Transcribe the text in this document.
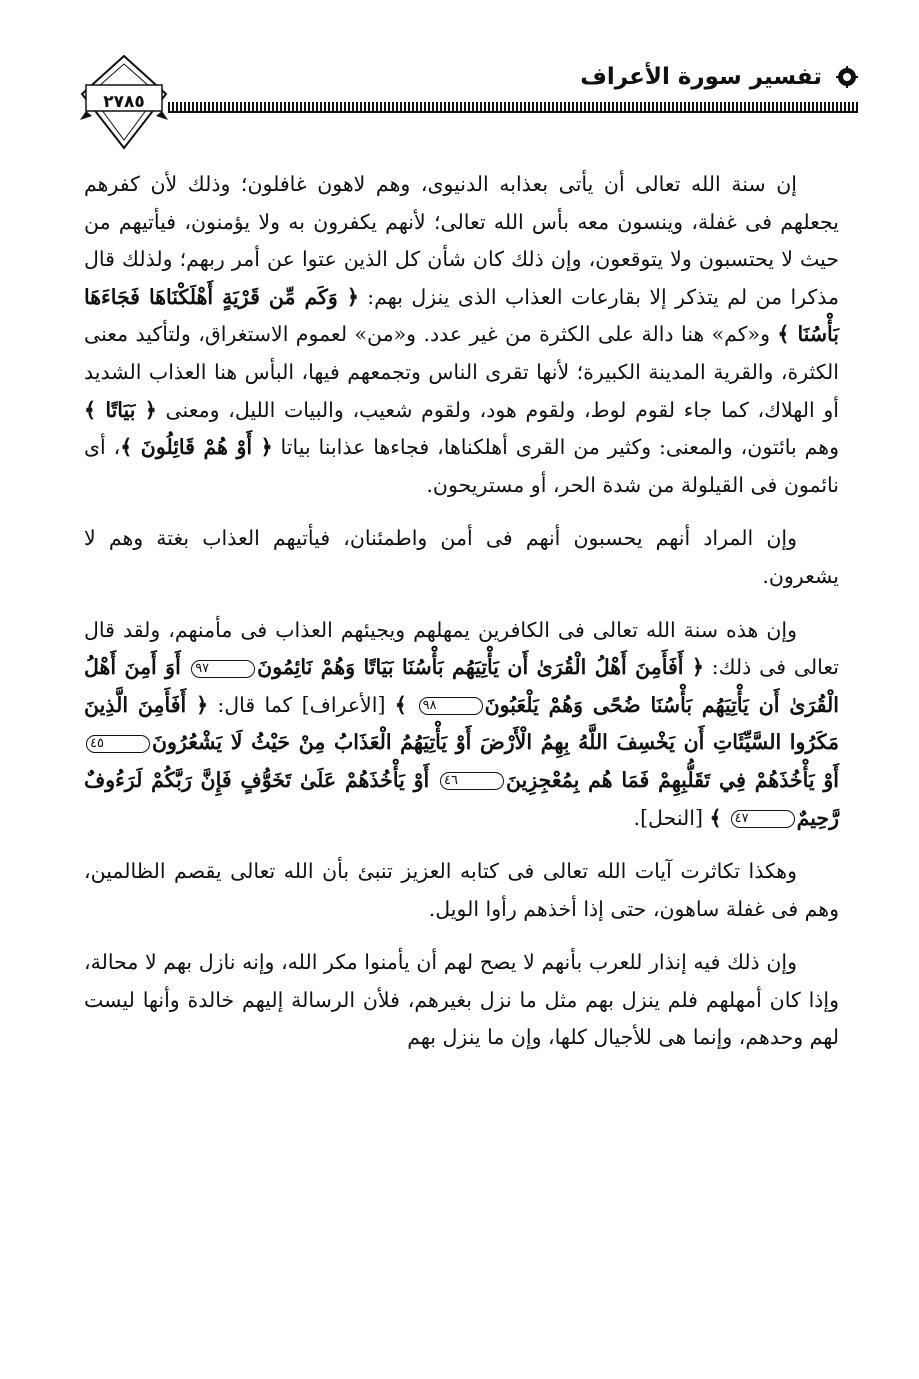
٢٧٨٥
تفسير سورة الأعراف

إن سنة الله تعالى أن يأتى بعذابه الدنيوى، وهم لاهون غافلون؛ وذلك لأن كفرهم يجعلهم فى غفلة، وينسون معه بأس الله تعالى؛ لأنهم يكفرون به ولا يؤمنون، فيأتيهم من حيث لا يحتسبون ولا يتوقعون، وإن ذلك كان شأن كل الذين عتوا عن أمر ربهم؛ ولذلك قال مذكرا من لم يتذكر إلا بقارعات العذاب الذى ينزل بهم: ﴿ وَكَم مِّن قَرْيَةٍ أَهْلَكْنَاهَا فَجَاءَهَا بَأْسُنَا ﴾ و«كم» هنا دالة على الكثرة من غير عدد. و«من» لعموم الاستغراق، ولتأكيد معنى الكثرة، والقرية المدينة الكبيرة؛ لأنها تقرى الناس وتجمعهم فيها، البأس هنا العذاب الشديد أو الهلاك، كما جاء لقوم لوط، ولقوم هود، ولقوم شعيب، والبيات الليل، ومعنى ﴿ بَيَاتًا ﴾ وهم بائتون، والمعنى: وكثير من القرى أهلكناها، فجاءها عذابنا بياتا ﴿ أَوْ هُمْ قَائِلُونَ ﴾، أى نائمون فى القيلولة من شدة الحر، أو مستريحون.

وإن المراد أنهم يحسبون أنهم فى أمن واطمئنان، فيأتيهم العذاب بغتة وهم لا يشعرون.

وإن هذه سنة الله تعالى فى الكافرين يمهلهم ويجيئهم العذاب فى مأمنهم، ولقد قال تعالى فى ذلك: ﴿ أَفَأَمِنَ أَهْلُ الْقُرَىٰ أَن يَأْتِيَهُم بَأْسُنَا بَيَاتًا وَهُمْ نَائِمُونَ٩٧ أَوَ أَمِنَ أَهْلُ الْقُرَىٰ أَن يَأْتِيَهُم بَأْسُنَا ضُحًى وَهُمْ يَلْعَبُونَ٩٨ ﴾ [الأعراف] كما قال: ﴿ أَفَأَمِنَ الَّذِينَ مَكَرُوا السَّيِّئَاتِ أَن يَخْسِفَ اللَّهُ بِهِمُ الْأَرْضَ أَوْ يَأْتِيَهُمُ الْعَذَابُ مِنْ حَيْثُ لَا يَشْعُرُونَ٤٥ أَوْ يَأْخُذَهُمْ فِي تَقَلُّبِهِمْ فَمَا هُم بِمُعْجِزِينَ٤٦ أَوْ يَأْخُذَهُمْ عَلَىٰ تَخَوُّفٍ فَإِنَّ رَبَّكُمْ لَرَءُوفٌ رَّحِيمٌ٤٧ ﴾ [النحل].

وهكذا تكاثرت آيات الله تعالى فى كتابه العزيز تنبئ بأن الله تعالى يقصم الظالمين، وهم فى غفلة ساهون، حتى إذا أخذهم رأوا الويل.

وإن ذلك فيه إنذار للعرب بأنهم لا يصح لهم أن يأمنوا مكر الله، وإنه نازل بهم لا محالة، وإذا كان أمهلهم فلم ينزل بهم مثل ما نزل بغيرهم، فلأن الرسالة إليهم خالدة وأنها ليست لهم وحدهم، وإنما هى للأجيال كلها، وإن ما ينزل بهم
